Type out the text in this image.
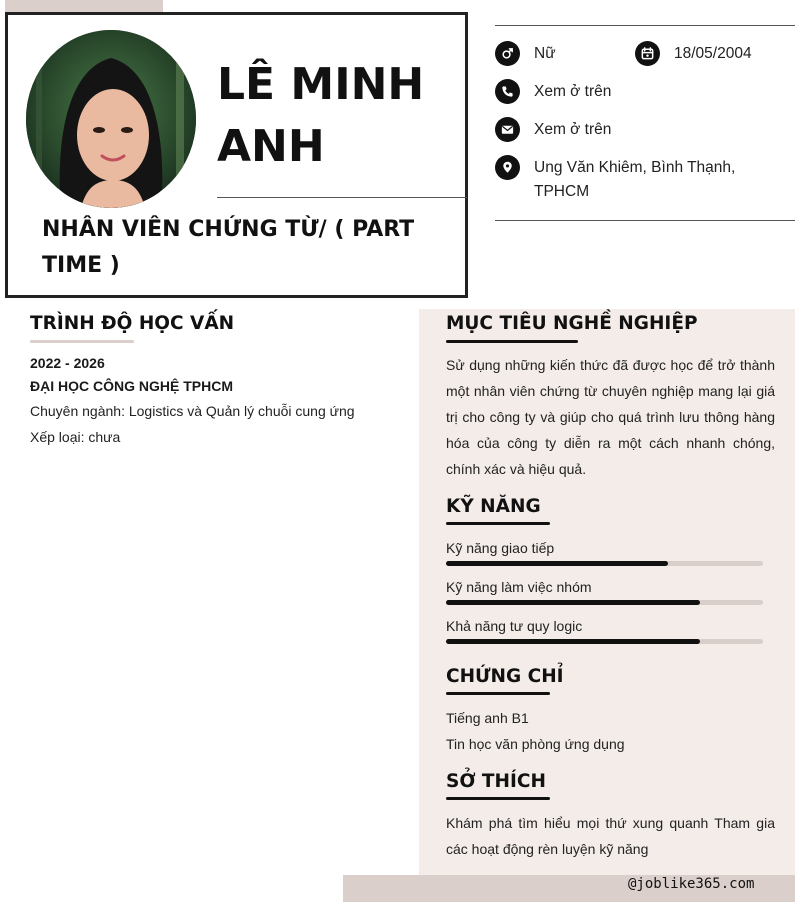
LÊ MINH ANH
NHÂN VIÊN CHỨNG TỪ/ ( PART TIME )
Nữ	18/05/2004
Xem ở trên
Xem ở trên
Ung Văn Khiêm, Bình Thạnh, TPHCM
TRÌNH ĐỘ HỌC VẤN
2022 - 2026
ĐẠI HỌC CÔNG NGHỆ TPHCM
Chuyên ngành: Logistics và Quản lý chuỗi cung ứng
Xếp loại: chưa
MỤC TIÊU NGHỀ NGHIỆP
Sử dụng những kiến thức đã được học để trở thành một nhân viên chứng từ chuyên nghiệp mang lại giá trị cho công ty và giúp cho quá trình lưu thông hàng hóa của công ty diễn ra một cách nhanh chóng, chính xác và hiệu quả.
KỸ NĂNG
Kỹ năng giao tiếp
Kỹ năng làm việc nhóm
Khả năng tư quy logic
CHỨNG CHỈ
Tiếng anh B1
Tin học văn phòng ứng dụng
SỞ THÍCH
Khám phá tìm hiểu mọi thứ xung quanh Tham gia các hoạt động rèn luyện kỹ năng
@joblike365.com
